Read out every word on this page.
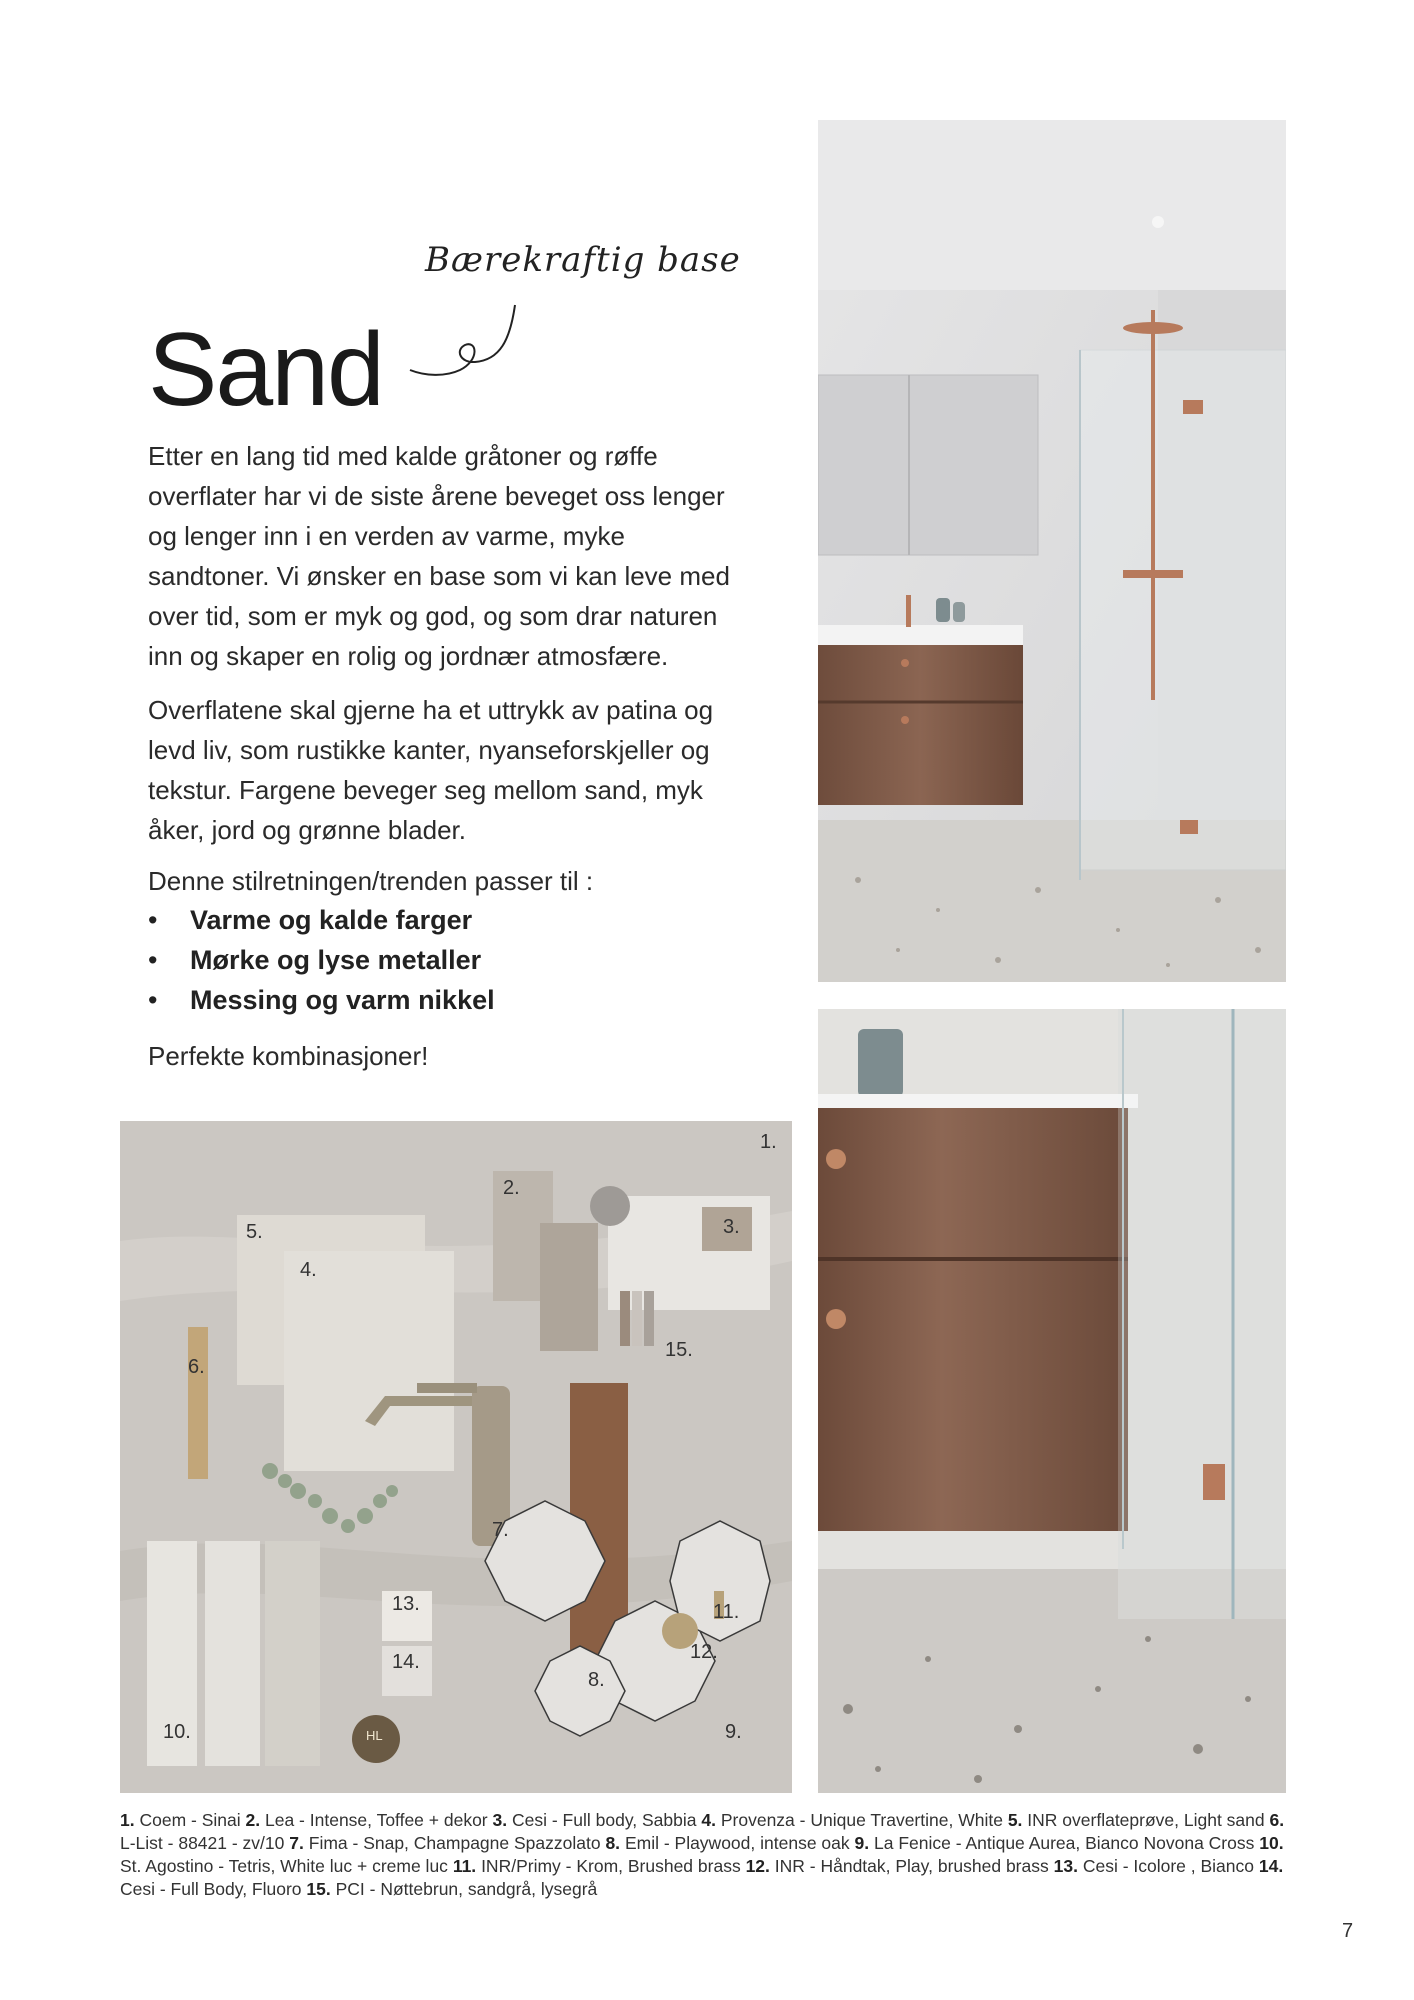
Bærekraftig base
Sand
Etter en lang tid med kalde gråtoner og røffe overflater har vi de siste årene beveget oss lenger og lenger inn i en verden av varme, myke sandtoner. Vi ønsker en base som vi kan leve med over tid, som er myk og god, og som drar naturen inn og skaper en rolig og jordnær atmosfære.
Overflatene skal gjerne ha et uttrykk av patina og levd liv, som rustikke kanter, nyanseforskjeller og tekstur. Fargene beveger seg mellom sand, myk åker, jord og grønne blader.
Denne stilretningen/trenden passer til :
• Varme og kalde farger
• Mørke og lyse metaller
• Messing og varm nikkel
Perfekte kombinasjoner!
1.
2.
3.
4.
5.
6.
7.
8.
9.
10.
11.
12.
13.
14.
15.
HL
1. Coem - Sinai 2. Lea - Intense, Toffee + dekor 3. Cesi - Full body, Sabbia 4. Provenza - Unique Travertine, White 5. INR overflateprøve, Light sand 6. L-List - 88421 - zv/10 7. Fima - Snap, Champagne Spazzolato 8. Emil - Playwood, intense oak 9. La Fenice - Antique Aurea, Bianco Novona Cross 10. St. Agostino - Tetris, White luc + creme luc 11. INR/Primy - Krom, Brushed brass 12. INR - Håndtak, Play, brushed brass 13. Cesi - Icolore , Bianco 14. Cesi - Full Body, Fluoro 15. PCI - Nøttebrun, sandgrå, lysegrå
7
